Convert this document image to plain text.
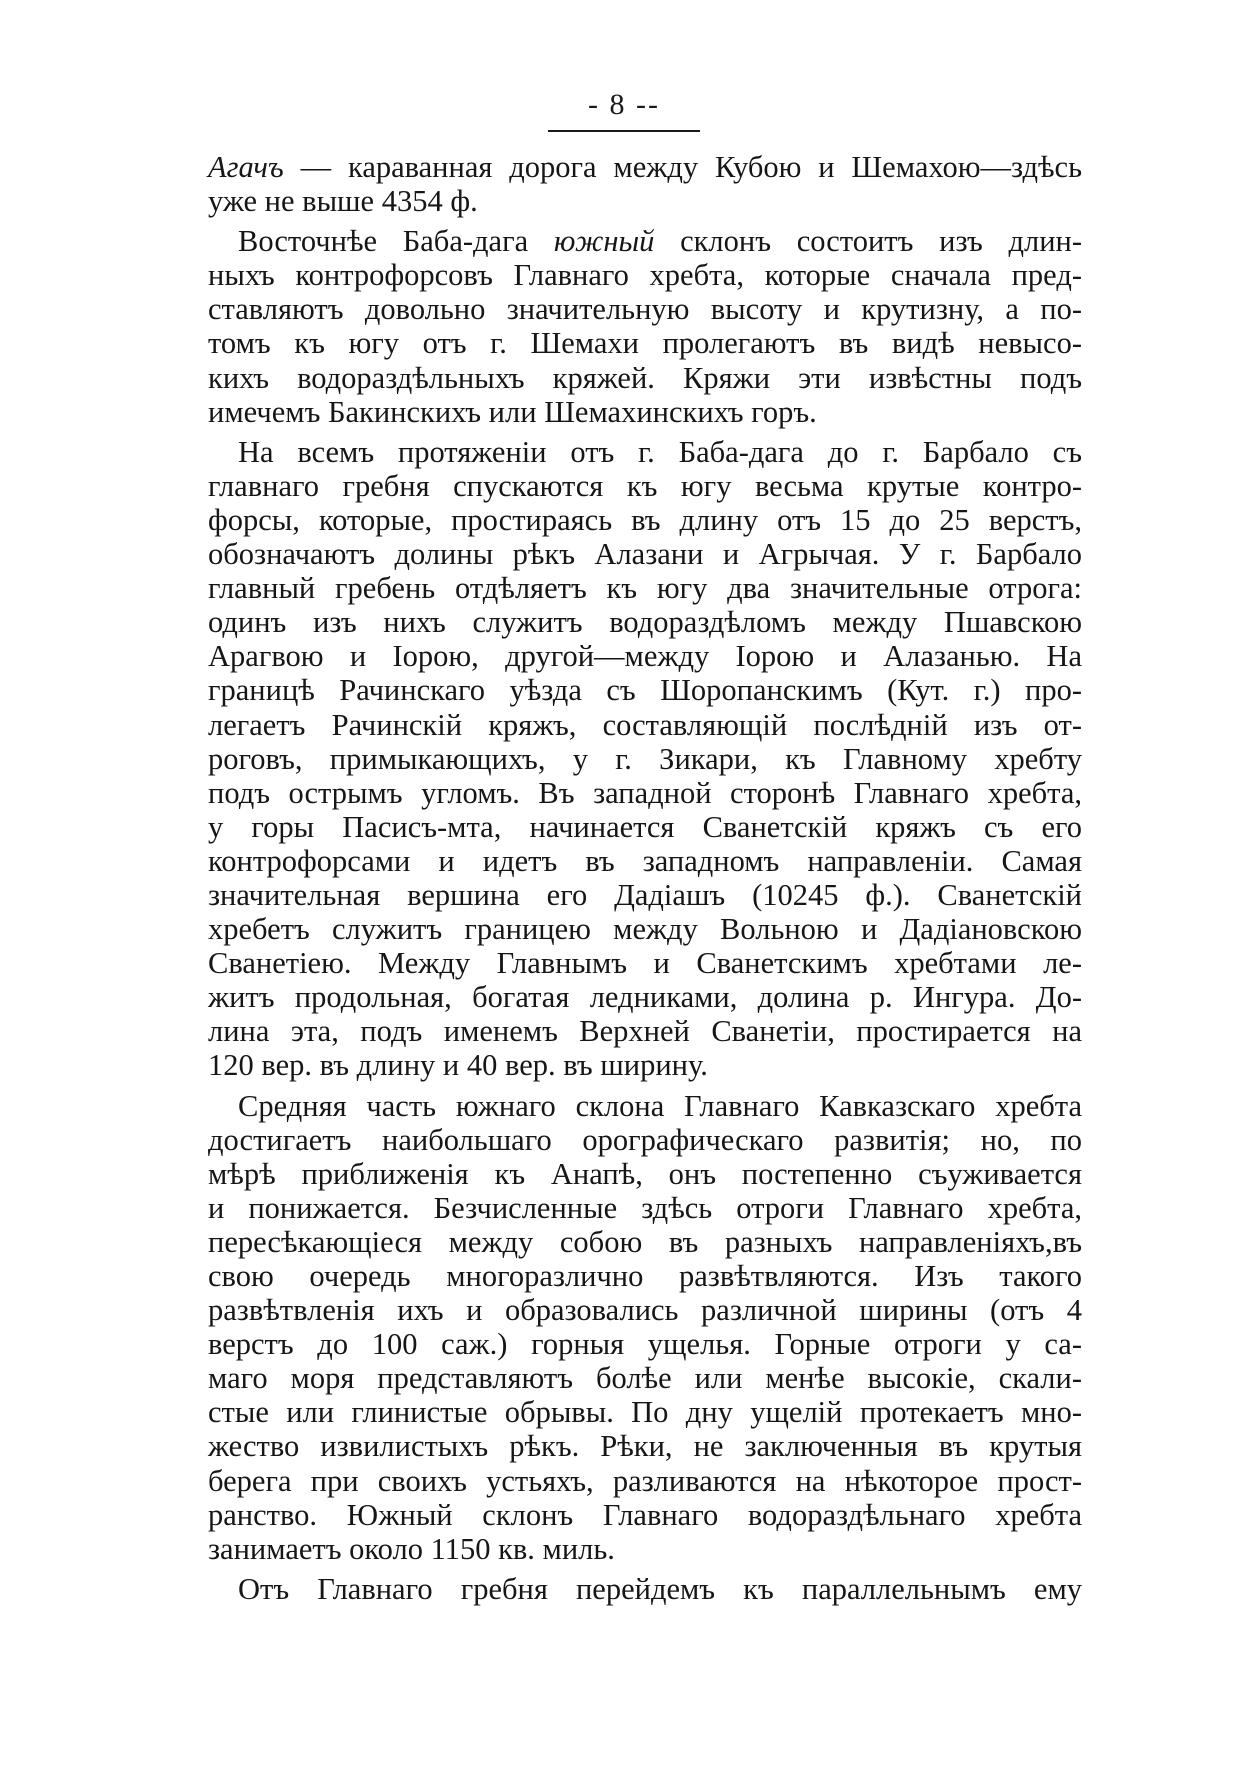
- 8 --
Агачъ — караванная дорога между Кубою и Шемахою—здѣсь
уже не выше 4354 ф.
Восточнѣе Баба-дага южный склонъ состоитъ изъ длин-
ныхъ контрофорсовъ Главнаго хребта, которые сначала пред-
ставляютъ довольно значительную высоту и крутизну, а по-
томъ къ югу отъ г. Шемахи пролегаютъ въ видѣ невысо-
кихъ водораздѣльныхъ кряжей. Кряжи эти извѣстны подъ
имечемъ Бакинскихъ или Шемахинскихъ горъ.
На всемъ протяженіи отъ г. Баба-дага до г. Барбало съ
главнаго гребня спускаются къ югу весьма крутые контро-
форсы, которые, простираясь въ длину отъ 15 до 25 верстъ,
обозначаютъ долины рѣкъ Алазани и Агрычая. У г. Барбало
главный гребень отдѣляетъ къ югу два значительные отрога:
одинъ изъ нихъ служитъ водораздѣломъ между Пшавскою
Арагвою и Іорою, другой—между Іорою и Алазанью. На
границѣ Рачинскаго уѣзда съ Шоропанскимъ (Кут. г.) про-
легаетъ Рачинскій кряжъ, составляющій послѣдній изъ от-
роговъ, примыкающихъ, у г. Зикари, къ Главному хребту
подъ острымъ угломъ. Въ западной сторонѣ Главнаго хребта,
у горы Пасисъ-мта, начинается Сванетскій кряжъ съ его
контрофорсами и идетъ въ западномъ направленіи. Самая
значительная вершина его Дадіашъ (10245 ф.). Сванетскій
хребетъ служитъ границею между Вольною и Дадіановскою
Сванетіею. Между Главнымъ и Сванетскимъ хребтами ле-
житъ продольная, богатая ледниками, долина р. Ингура. До-
лина эта, подъ именемъ Верхней Сванетіи, простирается на
120 вер. въ длину и 40 вер. въ ширину.
Средняя часть южнаго склона Главнаго Кавказскаго хребта
достигаетъ наибольшаго орографическаго развитія; но, по
мѣрѣ приближенія къ Анапѣ, онъ постепенно съуживается
и понижается. Безчисленные здѣсь отроги Главнаго хребта,
пересѣкающіеся между собою въ разныхъ направленіяхъ,въ
свою очередь многоразлично развѣтвляются. Изъ такого
развѣтвленія ихъ и образовались различной ширины (отъ 4
верстъ до 100 саж.) горныя ущелья. Горные отроги у са-
маго моря представляютъ болѣе или менѣе высокіе, скали-
стые или глинистые обрывы. По дну ущелій протекаетъ мно-
жество извилистыхъ рѣкъ. Рѣки, не заключенныя въ крутыя
берега при своихъ устьяхъ, разливаются на нѣкоторое прост-
ранство. Южный склонъ Главнаго водораздѣльнаго хребта
занимаетъ около 1150 кв. миль.
Отъ Главнаго гребня перейдемъ къ параллельнымъ ему
